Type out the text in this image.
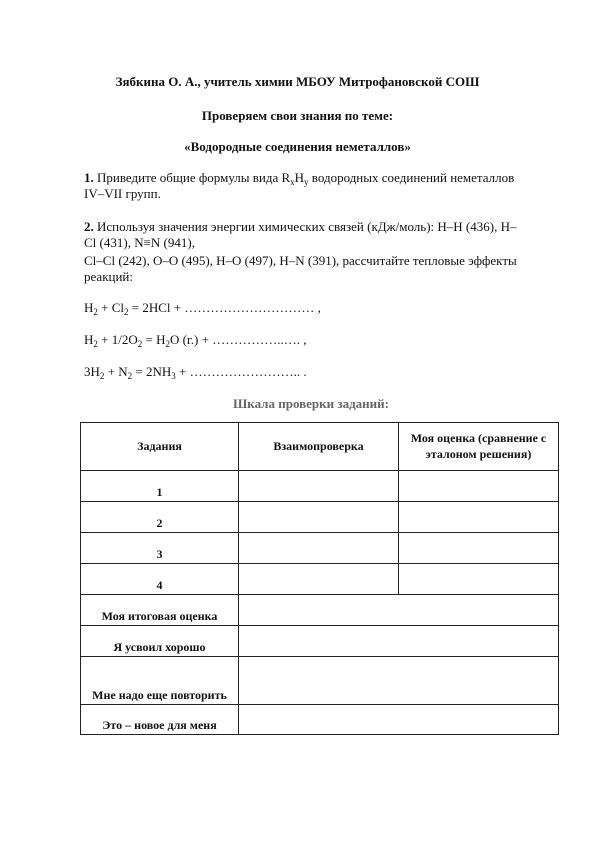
Зябкина О. А., учитель химии МБОУ Митрофановской СОШ
Проверяем свои знания по теме:
«Водородные соединения неметаллов»
1. Приведите общие формулы вида $R_xH_y$ водородных соединений неметаллов
IV–VII групп.
2. Используя значения энергии химических связей (кДж/моль): H–H (436), H–
Cl (431), N≡N (941),
Cl–Cl (242), O–O (495), H–O (497), H–N (391), рассчитайте тепловые эффекты
реакций:
$H_2 + Cl_2 = 2HCl$ + ………………………… ,
$H_2 + 1/2O_2 = H_2O$ (г.) + ……………..…. ,
$3H_2 + N_2 = 2NH_3$ + …………………….. .
Шкала проверки заданий:
Задания	Взаимопроверка	Моя оценка (сравнение с эталоном решения)
1		
2		
3		
4		
Моя итоговая оценка		
Я усвоил хорошо		
Мне надо еще повторить		
Это – новое для меня		
